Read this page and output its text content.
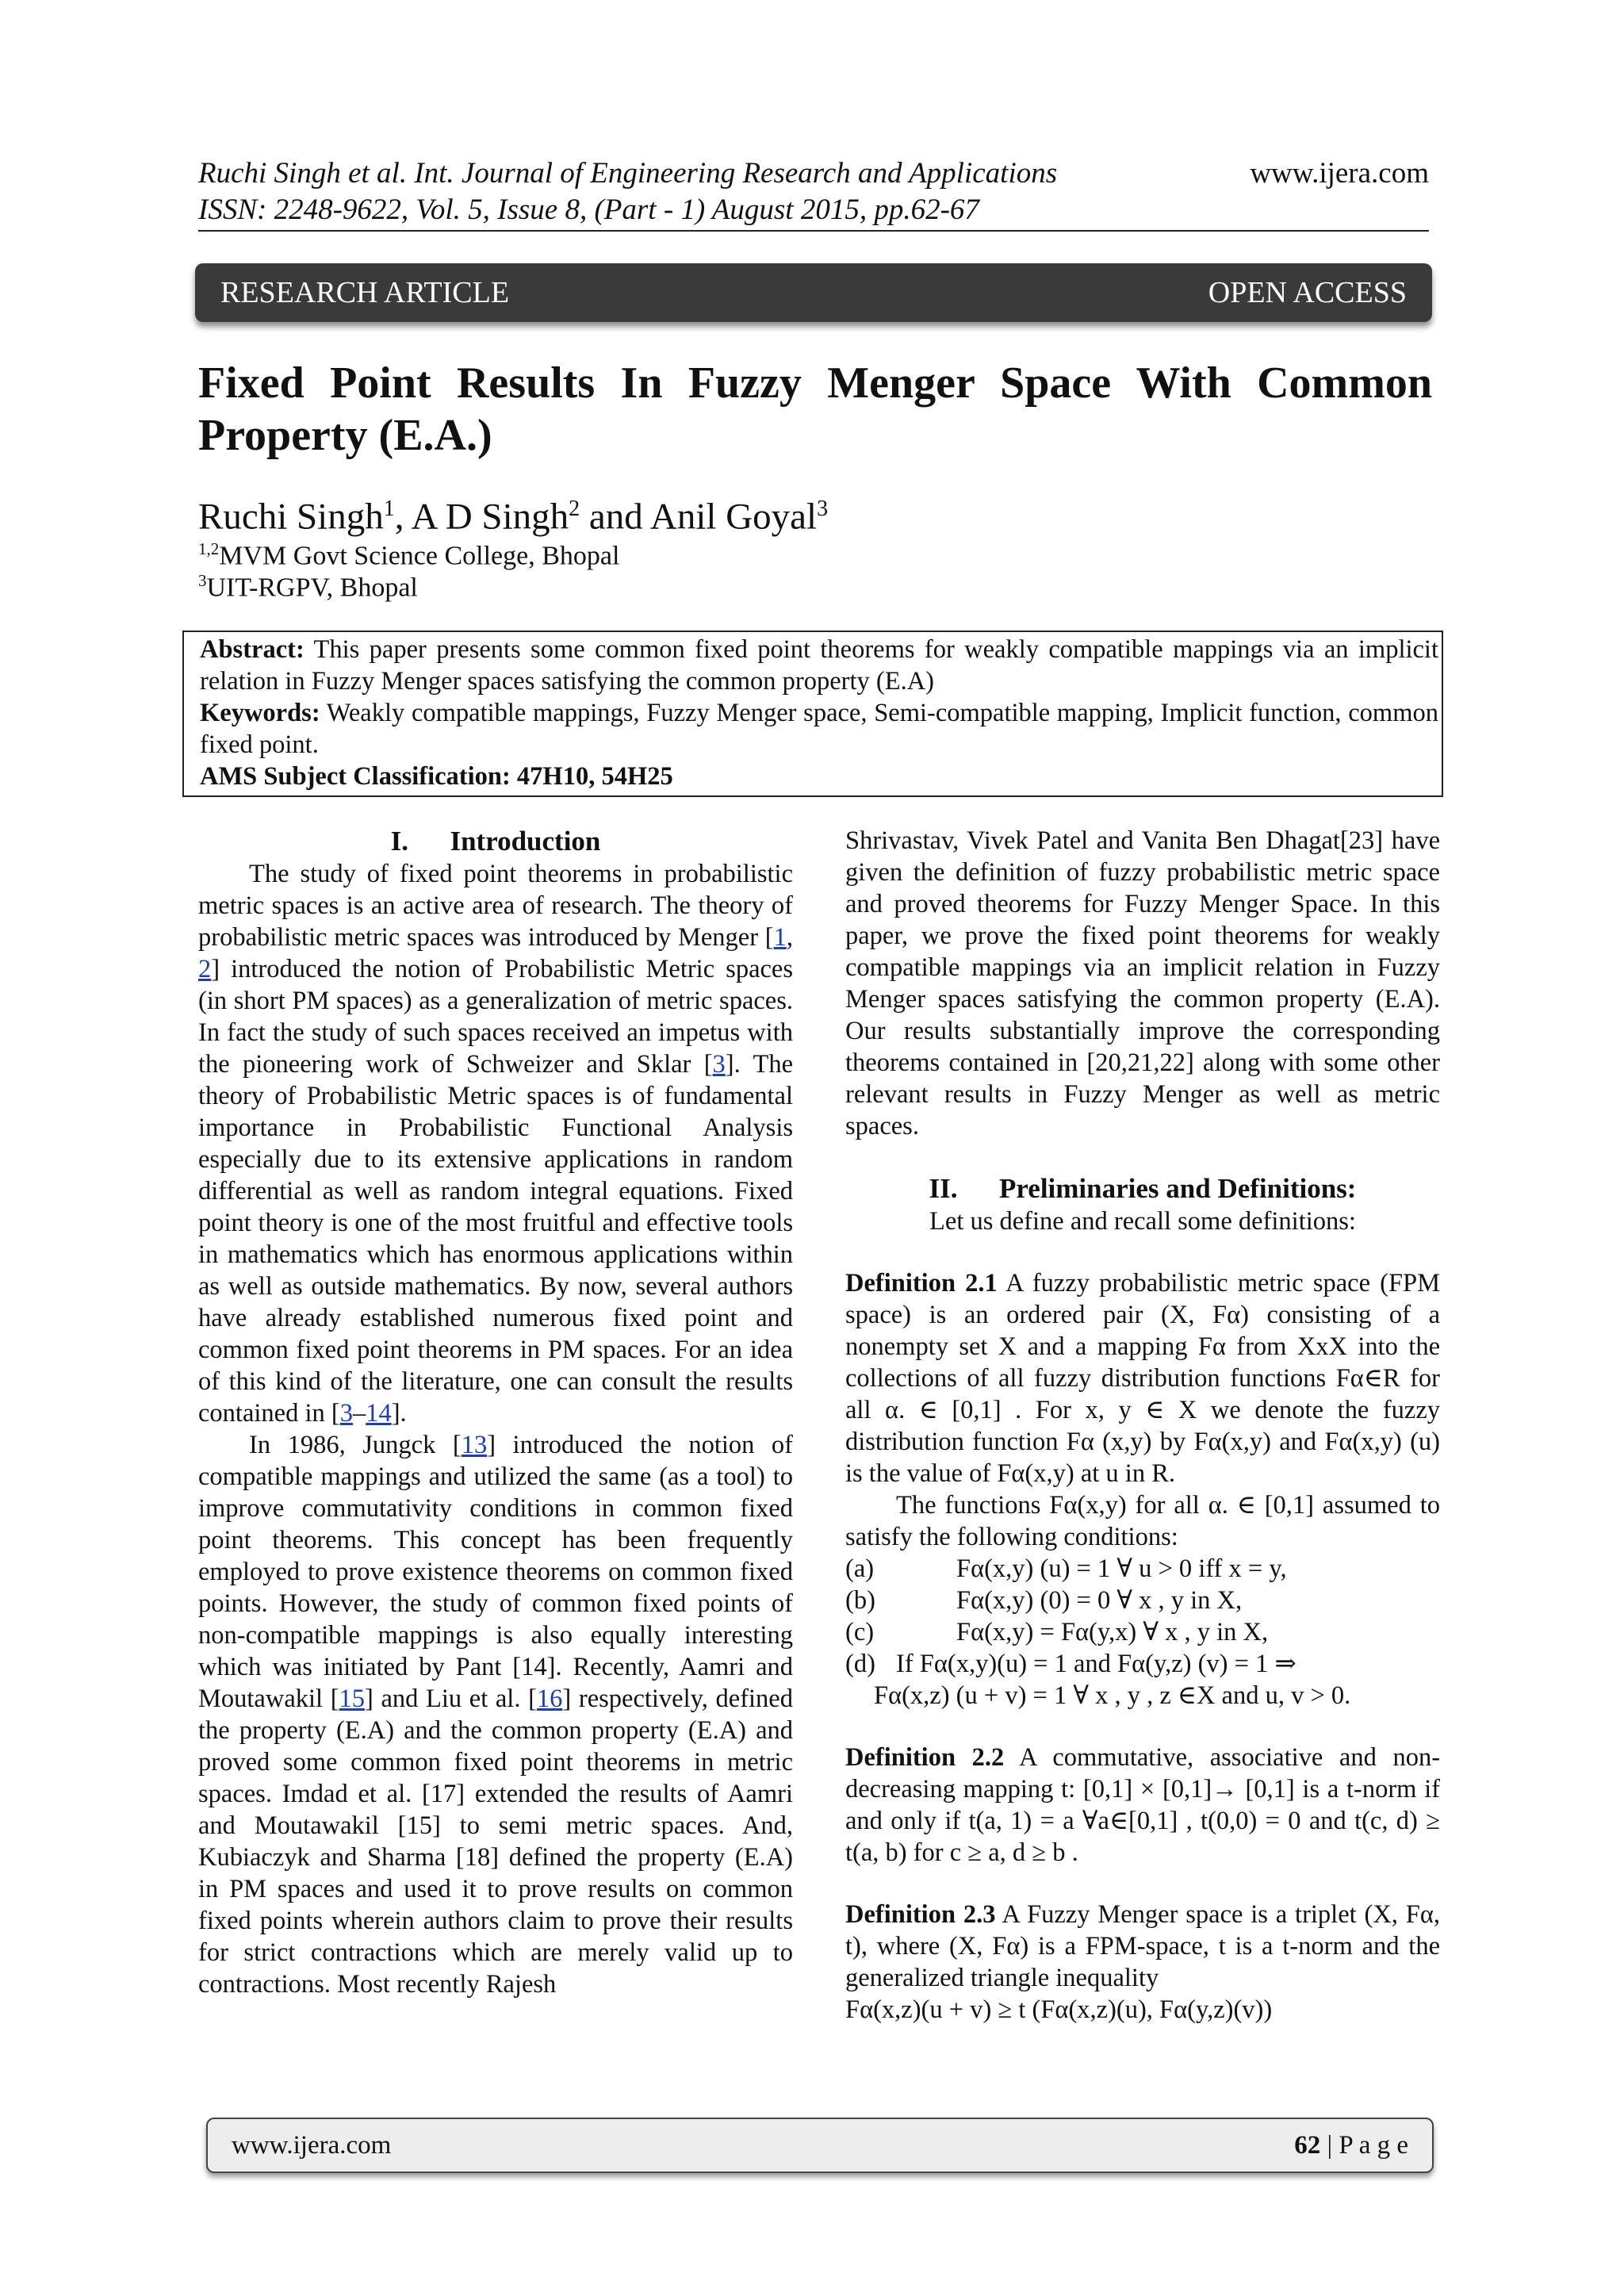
Ruchi Singh et al. Int. Journal of Engineering Research and Applications
ISSN: 2248-9622, Vol. 5, Issue 8, (Part - 1) August 2015, pp.62-67
www.ijera.com
RESEARCH ARTICLE	OPEN ACCESS
Fixed Point Results In Fuzzy Menger Space With Common Property (E.A.)
Ruchi Singh$^1$, A D Singh$^2$ and Anil Goyal$^3$
$^{1,2}$MVM Govt Science College, Bhopal
$^3$UIT-RGPV, Bhopal

Abstract: This paper presents some common fixed point theorems for weakly compatible mappings via an implicit relation in Fuzzy Menger spaces satisfying the common property (E.A)

Keywords: Weakly compatible mappings, Fuzzy Menger space, Semi-compatible mapping, Implicit function, common fixed point.

AMS Subject Classification: 47H10, 54H25

I.      Introduction

The study of fixed point theorems in probabilistic metric spaces is an active area of research. The theory of probabilistic metric spaces was introduced by Menger [1, 2] introduced the notion of Probabilistic Metric spaces (in short PM spaces) as a generalization of metric spaces. In fact the study of such spaces received an impetus with the pioneering work of Schweizer and Sklar [3]. The theory of Probabilistic Metric spaces is of fundamental importance in Probabilistic Functional Analysis especially due to its extensive applications in random differential as well as random integral equations. Fixed point theory is one of the most fruitful and effective tools in mathematics which has enormous applications within as well as outside mathematics. By now, several authors have already established numerous fixed point and common fixed point theorems in PM spaces. For an idea of this kind of the literature, one can consult the results contained in [3–14].

In 1986, Jungck [13] introduced the notion of compatible mappings and utilized the same (as a tool) to improve commutativity conditions in common fixed point theorems. This concept has been frequently employed to prove existence theorems on common fixed points. However, the study of common fixed points of non-compatible mappings is also equally interesting which was initiated by Pant [14]. Recently, Aamri and Moutawakil [15] and Liu et al. [16] respectively, defined the property (E.A) and the common property (E.A) and proved some common fixed point theorems in metric spaces. Imdad et al. [17] extended the results of Aamri and Moutawakil [15] to semi metric spaces. And, Kubiaczyk and Sharma [18] defined the property (E.A) in PM spaces and used it to prove results on common fixed points wherein authors claim to prove their results for strict contractions which are merely valid up to contractions. Most recently Rajesh

Shrivastav, Vivek Patel and Vanita Ben Dhagat[23] have given the definition of fuzzy probabilistic metric space and proved theorems for Fuzzy Menger Space. In this paper, we prove the fixed point theorems for weakly compatible mappings via an implicit relation in Fuzzy Menger spaces satisfying the common property (E.A). Our results substantially improve the corresponding theorems contained in [20,21,22] along with some other relevant results in Fuzzy Menger as well as metric spaces.

II.      Preliminaries and Definitions:

Let us define and recall some definitions:

Definition 2.1 A fuzzy probabilistic metric space (FPM space) is an ordered pair (X, Fα) consisting of a nonempty set X and a mapping Fα from XxX into the collections of all fuzzy distribution functions Fα∈R for all α. ∈ [0,1] . For x, y ∈ X we denote the fuzzy distribution function Fα (x,y) by Fα(x,y) and Fα(x,y) (u) is the value of Fα(x,y) at u in R.

The functions Fα(x,y) for all α. ∈ [0,1] assumed to satisfy the following conditions:

(a)	Fα(x,y) (u) = 1 ∀ u > 0 iff x = y,

(b)	Fα(x,y) (0) = 0 ∀ x , y in X,

(c)	Fα(x,y) = Fα(y,x) ∀ x , y in X,

(d) If Fα(x,y)(u) = 1 and Fα(y,z) (v) = 1 ⇒

Fα(x,z) (u + v) = 1 ∀ x , y , z ∈X and u, v > 0.

Definition 2.2 A commutative, associative and non-decreasing mapping t: [0,1] × [0,1]→ [0,1] is a t-norm if and only if t(a, 1) = a ∀a∈[0,1] , t(0,0) = 0 and t(c, d) ≥ t(a, b) for c ≥ a, d ≥ b .

Definition 2.3 A Fuzzy Menger space is a triplet (X, Fα, t), where (X, Fα) is a FPM-space, t is a t-norm and the generalized triangle inequality

Fα(x,z)(u + v) ≥ t (Fα(x,z)(u), Fα(y,z)(v))

www.ijera.com	62 | P a g e
